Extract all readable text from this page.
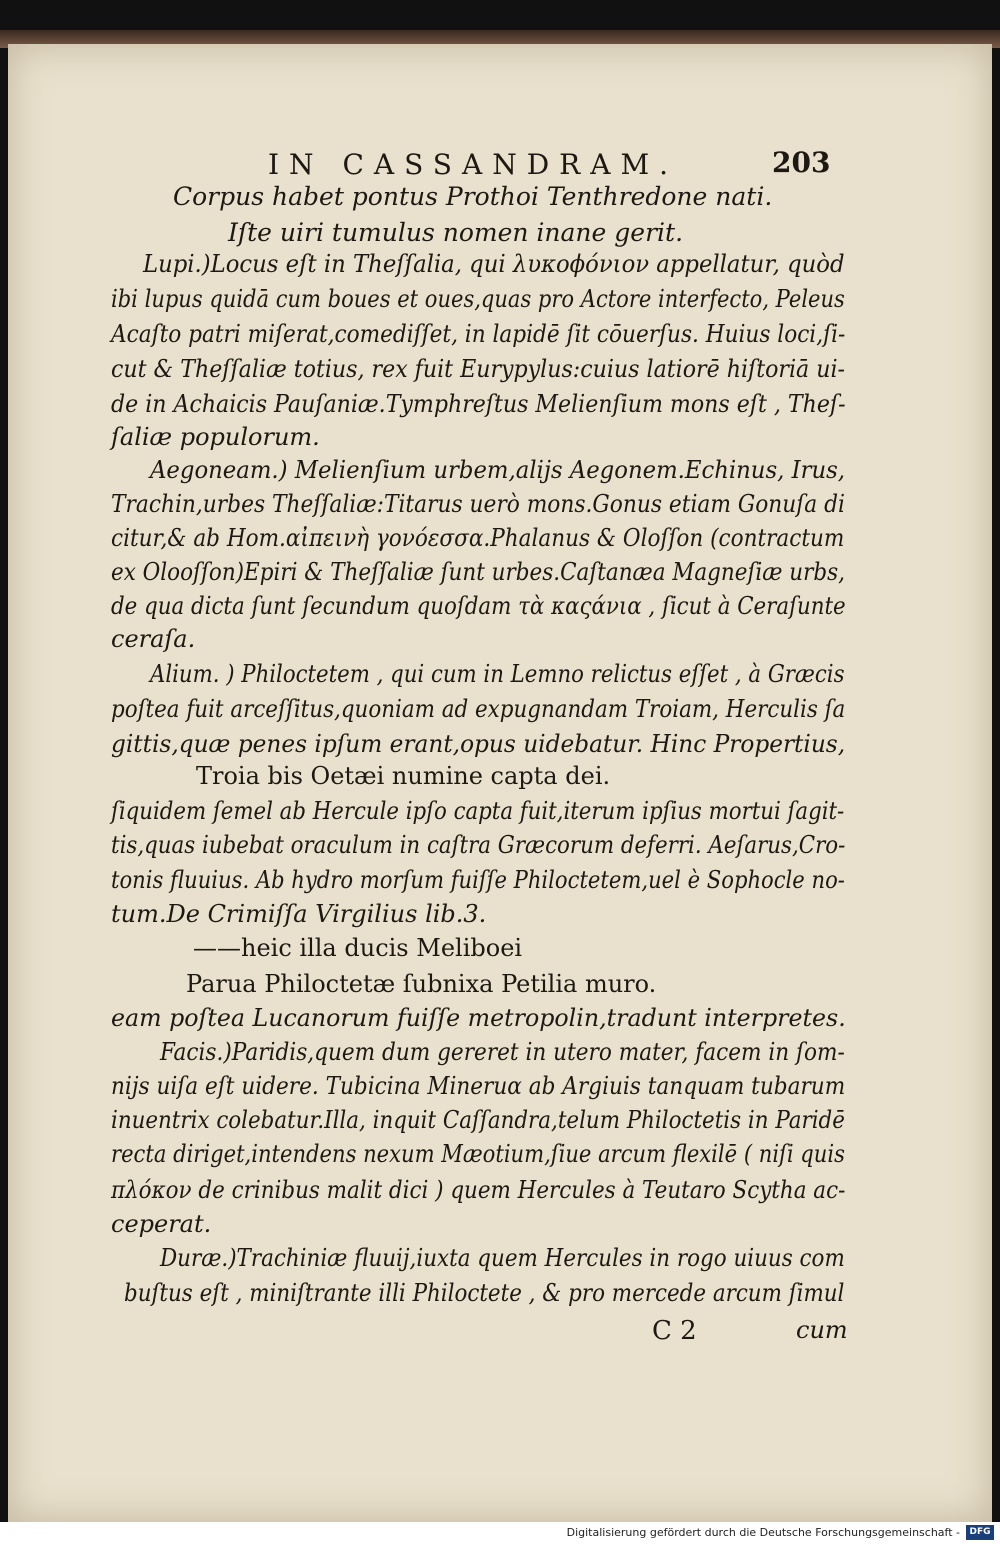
IN CASSANDRAM.	203
Corpus habet pontus Prothoi Tenthredone nati.
Iſte uiri tumulus nomen inane gerit.
Lupi.)Locus eſt in Theſſalia, qui λυκοϕόνιον appellatur, quòd
ibi lupus quidā cum boues et oues,quas pro Actore interfecto, Peleus
Acaſto patri miſerat,comediſſet, in lapidē ſit cōuerſus. Huius loci,ſi-
cut & Theſſaliæ totius, rex fuit Eurypylus:cuius latiorē hiſtoriā ui-
de in Achaicis Pauſaniæ.Tymphreſtus Melienſium mons eſt , Theſ-
ſaliæ populorum.
Aegoneam.) Melienſium urbem,alijs Aegonem.Echinus, Irus,
Trachin,urbes Theſſaliæ:Titarus uerò mons.Gonus etiam Gonuſa di
citur,& ab Hom.αἰπεινὴ γονόεσσα.Phalanus & Oloſſon (contractum
ex Olooſſon)Epiri & Theſſaliæ ſunt urbes.Caſtanæa Magneſiæ urbs,
de qua dicta ſunt ſecundum quoſdam τὰ καςάνια , ſicut à Ceraſunte
ceraſa.
Alium. ) Philoctetem , qui cum in Lemno relictus eſſet , à Græcis
poſtea fuit arceſſitus,quoniam ad expugnandam Troiam, Herculis ſa
gittis,quæ penes ipſum erant,opus uidebatur. Hinc Propertius,
Troia bis Oetæi numine capta dei.
ſiquidem ſemel ab Hercule ipſo capta fuit,iterum ipſius mortui ſagit-
tis,quas iubebat oraculum in caſtra Græcorum deferri. Aeſarus,Cro-
tonis fluuius. Ab hydro morſum fuiſſe Philoctetem,uel è Sophocle no-
tum.De Crimiſſa Virgilius lib.3.
——heic illa ducis Meliboei
Parua Philoctetæ ſubnixa Petilia muro.
eam poſtea Lucanorum fuiſſe metropolin,tradunt interpretes.
Facis.)Paridis,quem dum gereret in utero mater, facem in ſom-
nijs uiſa eſt uidere. Tubicina Mineruα ab Argiuis tanquam tubarum
inuentrix colebatur.Illa, inquit Caſſandra,telum Philoctetis in Paridē
recta diriget,intendens nexum Mæotium,ſiue arcum flexilē ( niſi quis
πλόκον de crinibus malit dici ) quem Hercules à Teutaro Scytha ac-
ceperat.
Duræ.)Trachiniæ fluuij,iuxta quem Hercules in rogo uiuus com
buſtus eſt , miniſtrante illi Philoctete , & pro mercede arcum ſimul
C 2	cum
Digitalisierung gefördert durch die Deutsche Forschungsgemeinschaft -	DFG
